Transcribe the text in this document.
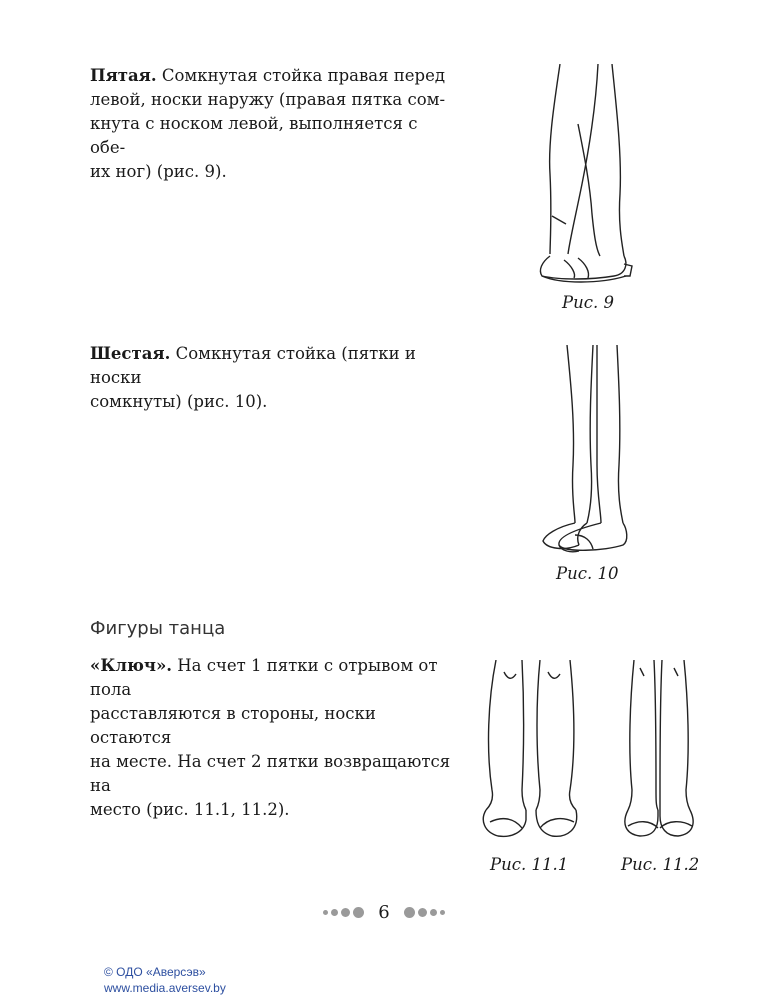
Пятая. Сомкнутая стойка правая перед
левой, носки наружу (правая пятка сом-
кнута с носком левой, выполняется с обе-
их ног) (рис. 9).

Рис. 9

Шестая. Сомкнутая стойка (пятки и носки
сомкнуты) (рис. 10).

Рис. 10
Фигуры танца

«Ключ». На счет 1 пятки с отрывом от пола
расставляются в стороны, носки остаются
на месте. На счет 2 пятки возвращаются на
место (рис. 11.1, 11.2).

Рис. 11.1	Рис. 11.2
6
© ОДО «Аверсэв»
www.media.aversev.by
